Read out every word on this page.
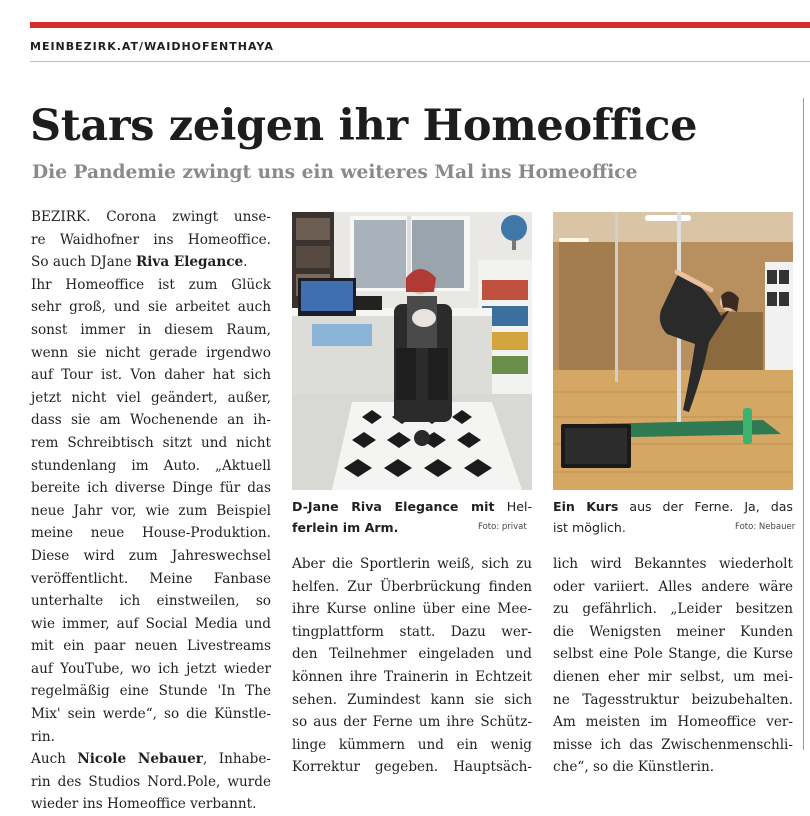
MEINBEZIRK.AT/WAIDHOFENTHAYA
Stars zeigen ihr Homeoffice
Die Pandemie zwingt uns ein weiteres Mal ins Homeoffice
BEZIRK. Corona zwingt unse-
re Waidhofner ins Homeoffice.
So auch DJane Riva Elegance.
Ihr Homeoffice ist zum Glück
sehr groß, und sie arbeitet auch
sonst immer in diesem Raum,
wenn sie nicht gerade irgendwo
auf Tour ist. Von daher hat sich
jetzt nicht viel geändert, außer,
dass sie am Wochenende an ih-
rem Schreibtisch sitzt und nicht
stundenlang im Auto. „Aktuell
bereite ich diverse Dinge für das
neue Jahr vor, wie zum Beispiel
meine neue House-Produktion.
Diese wird zum Jahreswechsel
veröffentlicht. Meine Fanbase
unterhalte ich einstweilen, so
wie immer, auf Social Media und
mit ein paar neuen Livestreams
auf YouTube, wo ich jetzt wieder
regelmäßig eine Stunde 'In The
Mix' sein werde“, so die Künstle-
rin.
Auch Nicole Nebauer, Inhabe-
rin des Studios Nord.Pole, wurde
wieder ins Homeoffice verbannt.
D-Jane Riva Elegance mit Hel-
ferlein im Arm.	Foto: privat
Ein Kurs aus der Ferne. Ja, das
ist möglich.	Foto: Nebauer
Aber die Sportlerin weiß, sich zu
helfen. Zur Überbrückung finden
ihre Kurse online über eine Mee-
tingplattform statt. Dazu wer-
den Teilnehmer eingeladen und
können ihre Trainerin in Echtzeit
sehen. Zumindest kann sie sich
so aus der Ferne um ihre Schütz-
linge kümmern und ein wenig
Korrektur gegeben. Hauptsäch-
lich wird Bekanntes wiederholt
oder variiert. Alles andere wäre
zu gefährlich. „Leider besitzen
die Wenigsten meiner Kunden
selbst eine Pole Stange, die Kurse
dienen eher mir selbst, um mei-
ne Tagesstruktur beizubehalten.
Am meisten im Homeoffice ver-
misse ich das Zwischenmenschli-
che“, so die Künstlerin.
